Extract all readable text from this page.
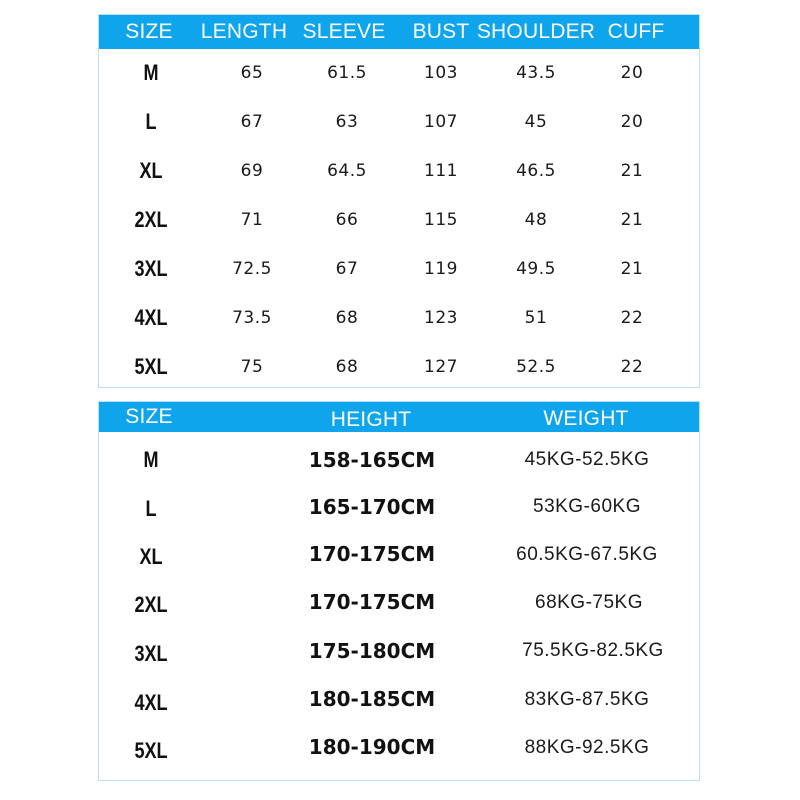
SIZE LENGTH SLEEVE BUST SHOULDER CUFF
M	65	61.5	103	43.5	20
L	67	63	107	45	20
XL	69	64.5	111	46.5	21
2XL	71	66	115	48	21
3XL	72.5	67	119	49.5	21
4XL	73.5	68	123	51	22
5XL	75	68	127	52.5	22
SIZE	HEIGHT	WEIGHT
M	158-165CM	45KG-52.5KG
L	165-170CM	53KG-60KG
XL	170-175CM	60.5KG-67.5KG
2XL	170-175CM	68KG-75KG
3XL	175-180CM	75.5KG-82.5KG
4XL	180-185CM	83KG-87.5KG
5XL	180-190CM	88KG-92.5KG
